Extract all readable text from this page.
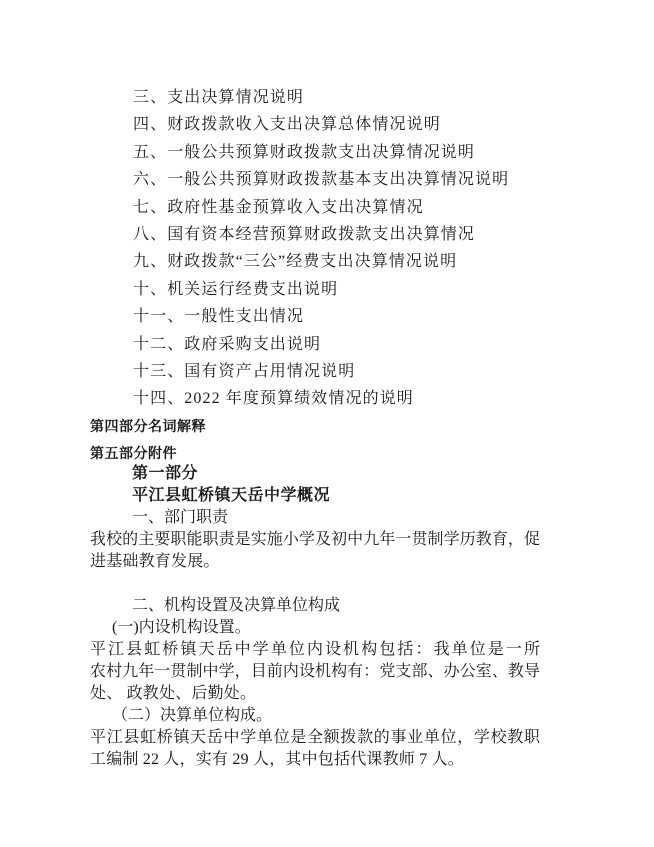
三、支出决算情况说明
四、财政拨款收入支出决算总体情况说明
五、一般公共预算财政拨款支出决算情况说明
六、一般公共预算财政拨款基本支出决算情况说明
七、政府性基金预算收入支出决算情况
八、国有资本经营预算财政拨款支出决算情况
九、财政拨款“三公”经费支出决算情况说明
十、机关运行经费支出说明
十一、一般性支出情况
十二、政府采购支出说明
十三、国有资产占用情况说明
十四、2022 年度预算绩效情况的说明
第四部分名词解释
第五部分附件
第一部分
平江县虹桥镇天岳中学概况
一、部门职责
我校的主要职能职责是实施小学及初中九年一贯制学历教育，促
进基础教育发展。
二、机构设置及决算单位构成
(一)内设机构设置。
平江县虹桥镇天岳中学单位内设机构包括：我单位是一所
农村九年一贯制中学，目前内设机构有：党支部、办公室、教导
处、 政教处、后勤处。
（二）决算单位构成。
平江县虹桥镇天岳中学单位是全额拨款的事业单位，学校教职
工编制 22 人，实有 29 人，其中包括代课教师 7 人。
